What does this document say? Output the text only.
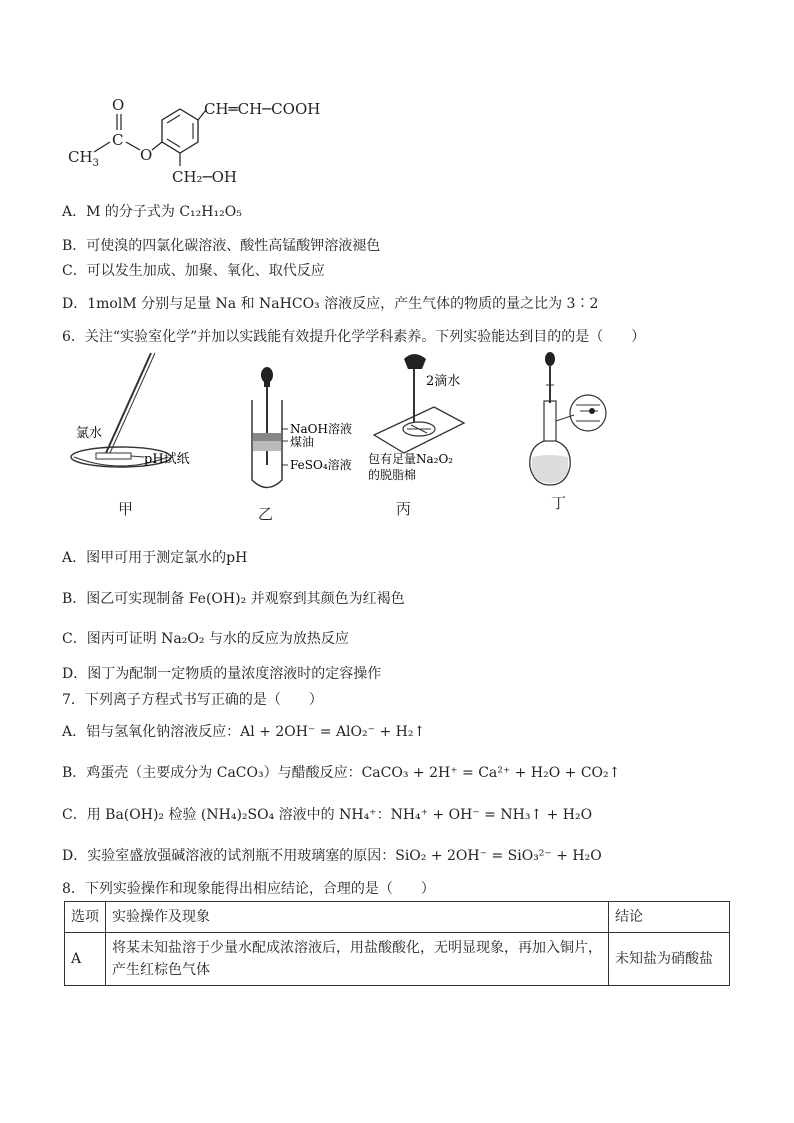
O
C
$CH_3$	O
CH═CH─COOH
CH₂─OH
A．M 的分子式为 C₁₂H₁₂O₅
B．可使溴的四氯化碳溶液、酸性高锰酸钾溶液褪色
C．可以发生加成、加聚、氧化、取代反应
D．1molM 分别与足量 Na 和 NaHCO₃ 溶液反应，产生气体的物质的量之比为 3∶2
6．关注“实验室化学”并加以实践能有效提升化学学科素养。下列实验能达到目的的是（　　）
氯水
pH试纸
甲
NaOH溶液
煤油
FeSO₄溶液
乙
2滴水
包有足量Na₂O₂
的脱脂棉
丙	丁
A．图甲可用于测定氯水的pH
B．图乙可实现制备 Fe(OH)₂ 并观察到其颜色为红褐色
C．图丙可证明 Na₂O₂ 与水的反应为放热反应
D．图丁为配制一定物质的量浓度溶液时的定容操作
7．下列离子方程式书写正确的是（　　）
A．铝与氢氧化钠溶液反应：Al + 2OH⁻ = AlO₂⁻ + H₂↑
B．鸡蛋壳（主要成分为 CaCO₃）与醋酸反应：CaCO₃ + 2H⁺ = Ca²⁺ + H₂O + CO₂↑
C．用 Ba(OH)₂ 检验 (NH₄)₂SO₄ 溶液中的 NH₄⁺：NH₄⁺ + OH⁻ = NH₃↑ + H₂O
D．实验室盛放强碱溶液的试剂瓶不用玻璃塞的原因：SiO₂ + 2OH⁻ = SiO₃²⁻ + H₂O
8．下列实验操作和现象能得出相应结论，合理的是（　　）
选项	实验操作及现象	结论
A	将某未知盐溶于少量水配成浓溶液后，用盐酸酸化，无明显现象，再加入铜片，产生红棕色气体	未知盐为硝酸盐
